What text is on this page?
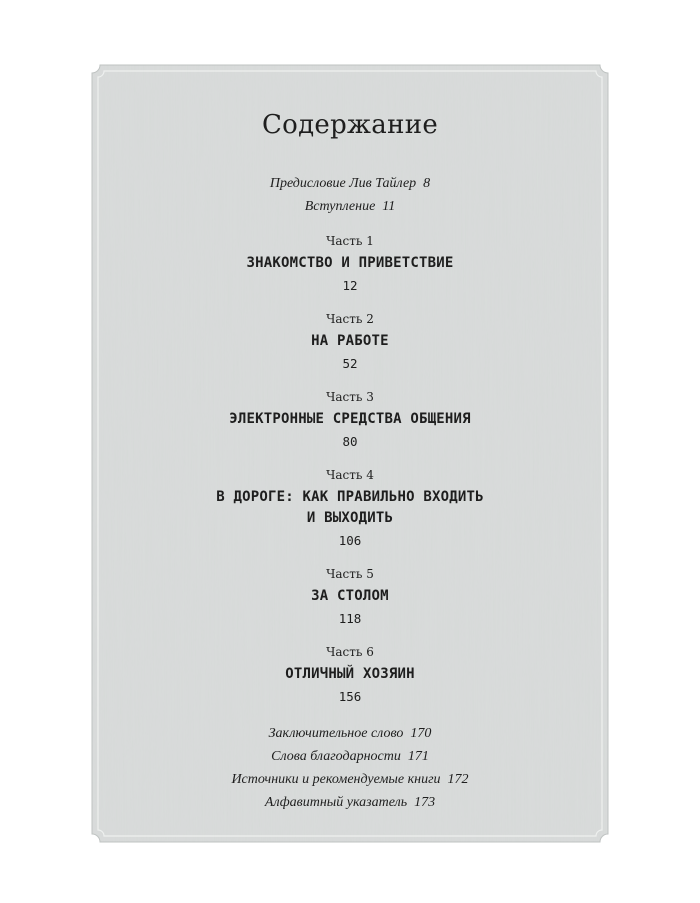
Содержание
Предисловие Лив Тайлер 8
Вступление 11
Часть 1
ЗНАКОМСТВО И ПРИВЕТСТВИЕ
12
Часть 2
НА РАБОТЕ
52
Часть 3
ЭЛЕКТРОННЫЕ СРЕДСТВА ОБЩЕНИЯ
80
Часть 4
В ДОРОГЕ: КАК ПРАВИЛЬНО ВХОДИТЬ
И ВЫХОДИТЬ
106
Часть 5
ЗА СТОЛОМ
118
Часть 6
ОТЛИЧНЫЙ ХОЗЯИН
156
Заключительное слово 170
Слова благодарности 171
Источники и рекомендуемые книги 172
Алфавитный указатель 173
